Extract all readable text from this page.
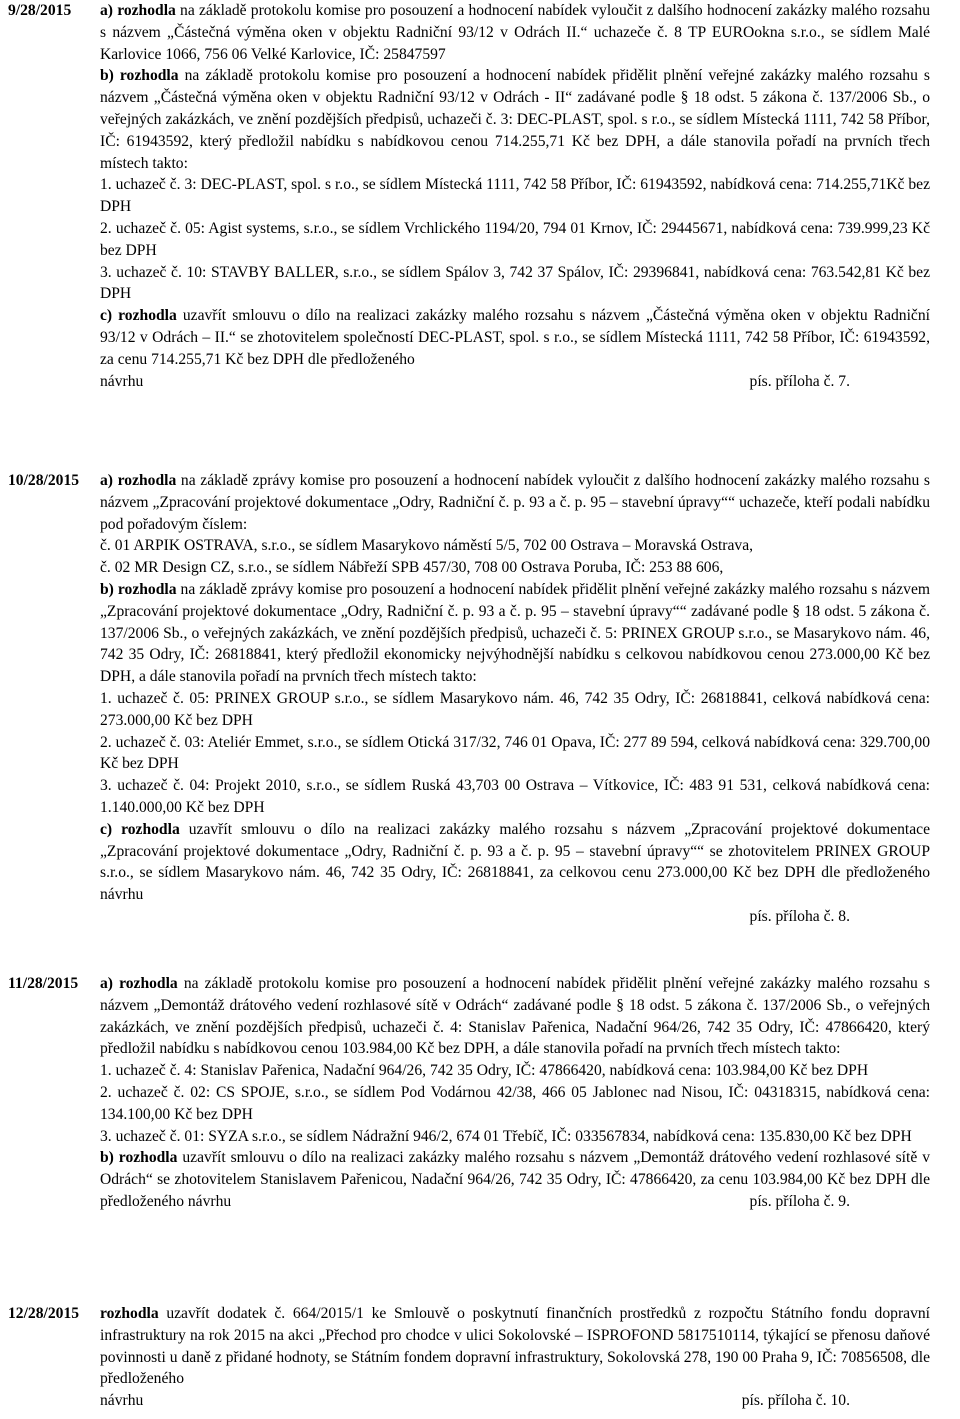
9/28/2015	a) rozhodla na základě protokolu komise pro posouzení a hodnocení nabídek vyloučit z dalšího hodnocení zakázky malého rozsahu s názvem „Částečná výměna oken v objektu Radniční 93/12 v Odrách II.“ uchazeče č. 8 TP EUROokna s.r.o., se sídlem Malé Karlovice 1066, 756 06 Velké Karlovice, IČ: 25847597

b) rozhodla na základě protokolu komise pro posouzení a hodnocení nabídek přidělit plnění veřejné zakázky malého rozsahu s názvem „Částečná výměna oken v objektu Radniční 93/12 v Odrách - II“ zadávané podle § 18 odst. 5 zákona č. 137/2006 Sb., o veřejných zakázkách, ve znění pozdějších předpisů, uchazeči č. 3: DEC-PLAST, spol. s r.o., se sídlem Místecká 1111, 742 58 Příbor, IČ: 61943592, který předložil nabídku s nabídkovou cenou 714.255,71 Kč bez DPH, a dále stanovila pořadí na prvních třech místech takto:

1. uchazeč č. 3: DEC-PLAST, spol. s r.o., se sídlem Místecká 1111, 742 58 Příbor, IČ: 61943592, nabídková cena: 714.255,71Kč bez DPH

2. uchazeč č. 05: Agist systems, s.r.o., se sídlem Vrchlického 1194/20, 794 01 Krnov, IČ: 29445671, nabídková cena: 739.999,23 Kč bez DPH

3. uchazeč č. 10: STAVBY BALLER, s.r.o., se sídlem Spálov 3, 742 37 Spálov, IČ: 29396841, nabídková cena: 763.542,81 Kč bez DPH

c) rozhodla uzavřít smlouvu o dílo na realizaci zakázky malého rozsahu s názvem „Částečná výměna oken v objektu Radniční 93/12 v Odrách – II.“ se zhotovitelem společností DEC-PLAST, spol. s r.o., se sídlem Místecká 1111, 742 58 Příbor, IČ: 61943592, za cenu 714.255,71 Kč bez DPH dle předloženého

návrhu	pís. příloha č. 7.
10/28/2015	a) rozhodla na základě zprávy komise pro posouzení a hodnocení nabídek vyloučit z dalšího hodnocení zakázky malého rozsahu s názvem „Zpracování projektové dokumentace „Odry, Radniční č. p. 93 a č. p. 95 – stavební úpravy““ uchazeče, kteří podali nabídku pod pořadovým číslem:

č. 01 ARPIK OSTRAVA, s.r.o., se sídlem Masarykovo náměstí 5/5, 702 00 Ostrava – Moravská Ostrava,

č. 02 MR Design CZ, s.r.o., se sídlem Nábřeží SPB 457/30, 708 00 Ostrava Poruba, IČ: 253 88 606,

b) rozhodla na základě zprávy komise pro posouzení a hodnocení nabídek přidělit plnění veřejné zakázky malého rozsahu s názvem „Zpracování projektové dokumentace „Odry, Radniční č. p. 93 a č. p. 95 – stavební úpravy““ zadávané podle § 18 odst. 5 zákona č. 137/2006 Sb., o veřejných zakázkách, ve znění pozdějších předpisů, uchazeči č. 5: PRINEX GROUP s.r.o., se Masarykovo nám. 46, 742 35 Odry, IČ: 26818841, který předložil ekonomicky nejvýhodnější nabídku s celkovou nabídkovou cenou 273.000,00 Kč bez DPH, a dále stanovila pořadí na prvních třech místech takto:

1. uchazeč č. 05: PRINEX GROUP s.r.o., se sídlem Masarykovo nám. 46, 742 35 Odry, IČ: 26818841, celková nabídková cena: 273.000,00 Kč bez DPH

2. uchazeč č. 03: Ateliér Emmet, s.r.o., se sídlem Otická 317/32, 746 01 Opava, IČ: 277 89 594, celková nabídková cena: 329.700,00 Kč bez DPH

3. uchazeč č. 04: Projekt 2010, s.r.o., se sídlem Ruská 43,703 00 Ostrava – Vítkovice, IČ: 483 91 531, celková nabídková cena: 1.140.000,00 Kč bez DPH

c) rozhodla uzavřít smlouvu o dílo na realizaci zakázky malého rozsahu s názvem „Zpracování projektové dokumentace „Zpracování projektové dokumentace „Odry, Radniční č. p. 93 a č. p. 95 – stavební úpravy““ se zhotovitelem PRINEX GROUP s.r.o., se sídlem Masarykovo nám. 46, 742 35 Odry, IČ: 26818841, za celkovou cenu 273.000,00 Kč bez DPH dle předloženého návrhu

pís. příloha č. 8.
11/28/2015	a) rozhodla na základě protokolu komise pro posouzení a hodnocení nabídek přidělit plnění veřejné zakázky malého rozsahu s názvem „Demontáž drátového vedení rozhlasové sítě v Odrách“ zadávané podle § 18 odst. 5 zákona č. 137/2006 Sb., o veřejných zakázkách, ve znění pozdějších předpisů, uchazeči č. 4: Stanislav Pařenica, Nadační 964/26, 742 35 Odry, IČ: 47866420, který předložil nabídku s nabídkovou cenou 103.984,00 Kč bez DPH, a dále stanovila pořadí na prvních třech místech takto:

1. uchazeč č. 4: Stanislav Pařenica, Nadační 964/26, 742 35 Odry, IČ: 47866420, nabídková cena: 103.984,00 Kč bez DPH

2. uchazeč č. 02: CS SPOJE, s.r.o., se sídlem Pod Vodárnou 42/38, 466 05 Jablonec nad Nisou, IČ: 04318315, nabídková cena: 134.100,00 Kč bez DPH

3. uchazeč č. 01: SYZA s.r.o., se sídlem Nádražní 946/2, 674 01 Třebíč, IČ: 033567834, nabídková cena: 135.830,00 Kč bez DPH

b) rozhodla uzavřít smlouvu o dílo na realizaci zakázky malého rozsahu s názvem „Demontáž drátového vedení rozhlasové sítě v Odrách“ se zhotovitelem Stanislavem Pařenicou, Nadační 964/26, 742 35 Odry, IČ: 47866420, za cenu 103.984,00 Kč bez DPH dle předloženého návrhu	pís. příloha č. 9.

12/28/2015	rozhodla uzavřít dodatek č. 664/2015/1 ke Smlouvě o poskytnutí finančních prostředků z rozpočtu Státního fondu dopravní infrastruktury na rok 2015 na akci „Přechod pro chodce v ulici Sokolovské – ISPROFOND 5817510114, týkající se přenosu daňové povinnosti u daně z přidané hodnoty, se Státním fondem dopravní infrastruktury, Sokolovská 278, 190 00 Praha 9, IČ: 70856508, dle předloženého

návrhu	pís. příloha č. 10.
